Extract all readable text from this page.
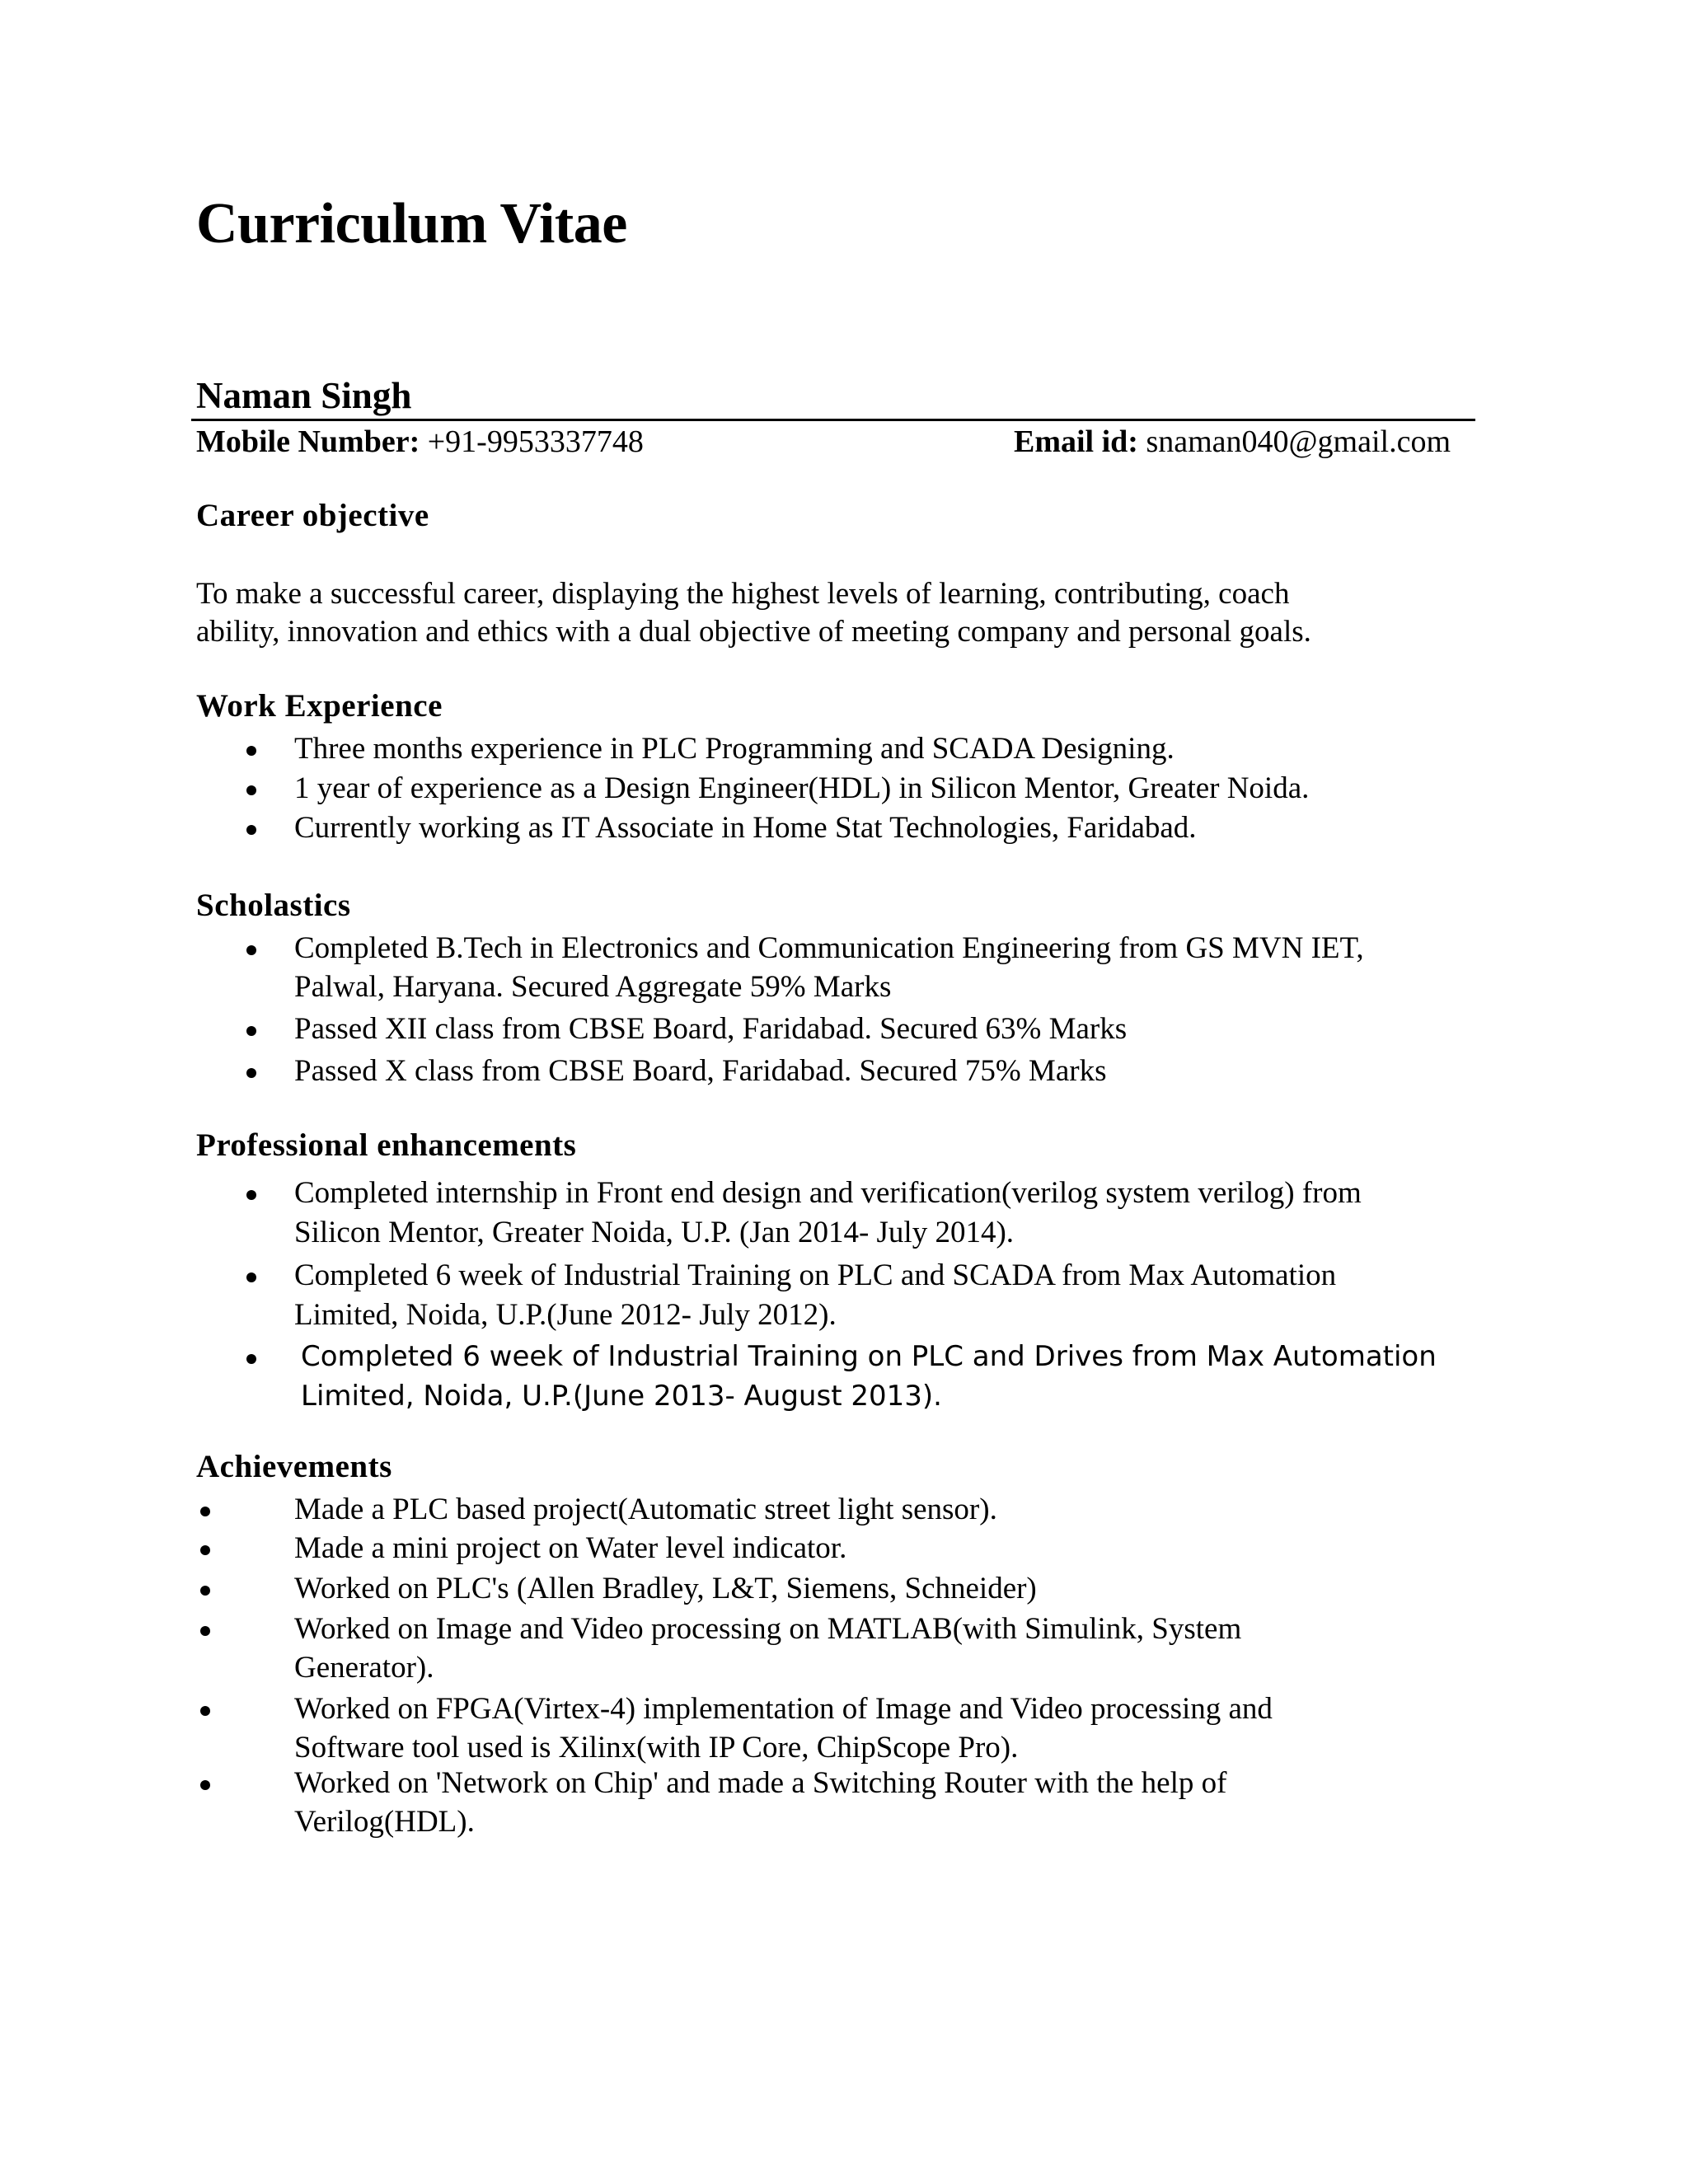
Curriculum Vitae
Naman Singh
Mobile Number: +91-9953337748	Email id: snaman040@gmail.com
Career objective
To make a successful career, displaying the highest levels of learning, contributing, coach
ability, innovation and ethics with a dual objective of meeting company and personal goals.
Work Experience
Three months experience in PLC Programming and SCADA Designing.
1 year of experience as a Design Engineer(HDL) in Silicon Mentor, Greater Noida.
Currently working as IT Associate in Home Stat Technologies, Faridabad.
Scholastics
Completed B.Tech in Electronics and Communication Engineering from GS MVN IET,
Palwal, Haryana. Secured Aggregate 59% Marks
Passed XII class from CBSE Board, Faridabad. Secured 63% Marks
Passed X class from CBSE Board, Faridabad. Secured 75% Marks
Professional enhancements
Completed internship in Front end design and verification(verilog system verilog) from
Silicon Mentor, Greater Noida, U.P. (Jan 2014- July 2014).
Completed 6 week of Industrial Training on PLC and SCADA from Max Automation
Limited, Noida, U.P.(June 2012- July 2012).
Completed 6 week of Industrial Training on PLC and Drives from Max Automation
Limited, Noida, U.P.(June 2013- August 2013).
Achievements
Made a PLC based project(Automatic street light sensor).
Made a mini project on Water level indicator.
Worked on PLC's (Allen Bradley, L&T, Siemens, Schneider)
Worked on Image and Video processing on MATLAB(with Simulink, System
Generator).
Worked on FPGA(Virtex-4) implementation of Image and Video processing and
Software tool used is Xilinx(with IP Core, ChipScope Pro).
Worked on 'Network on Chip' and made a Switching Router with the help of
Verilog(HDL).
